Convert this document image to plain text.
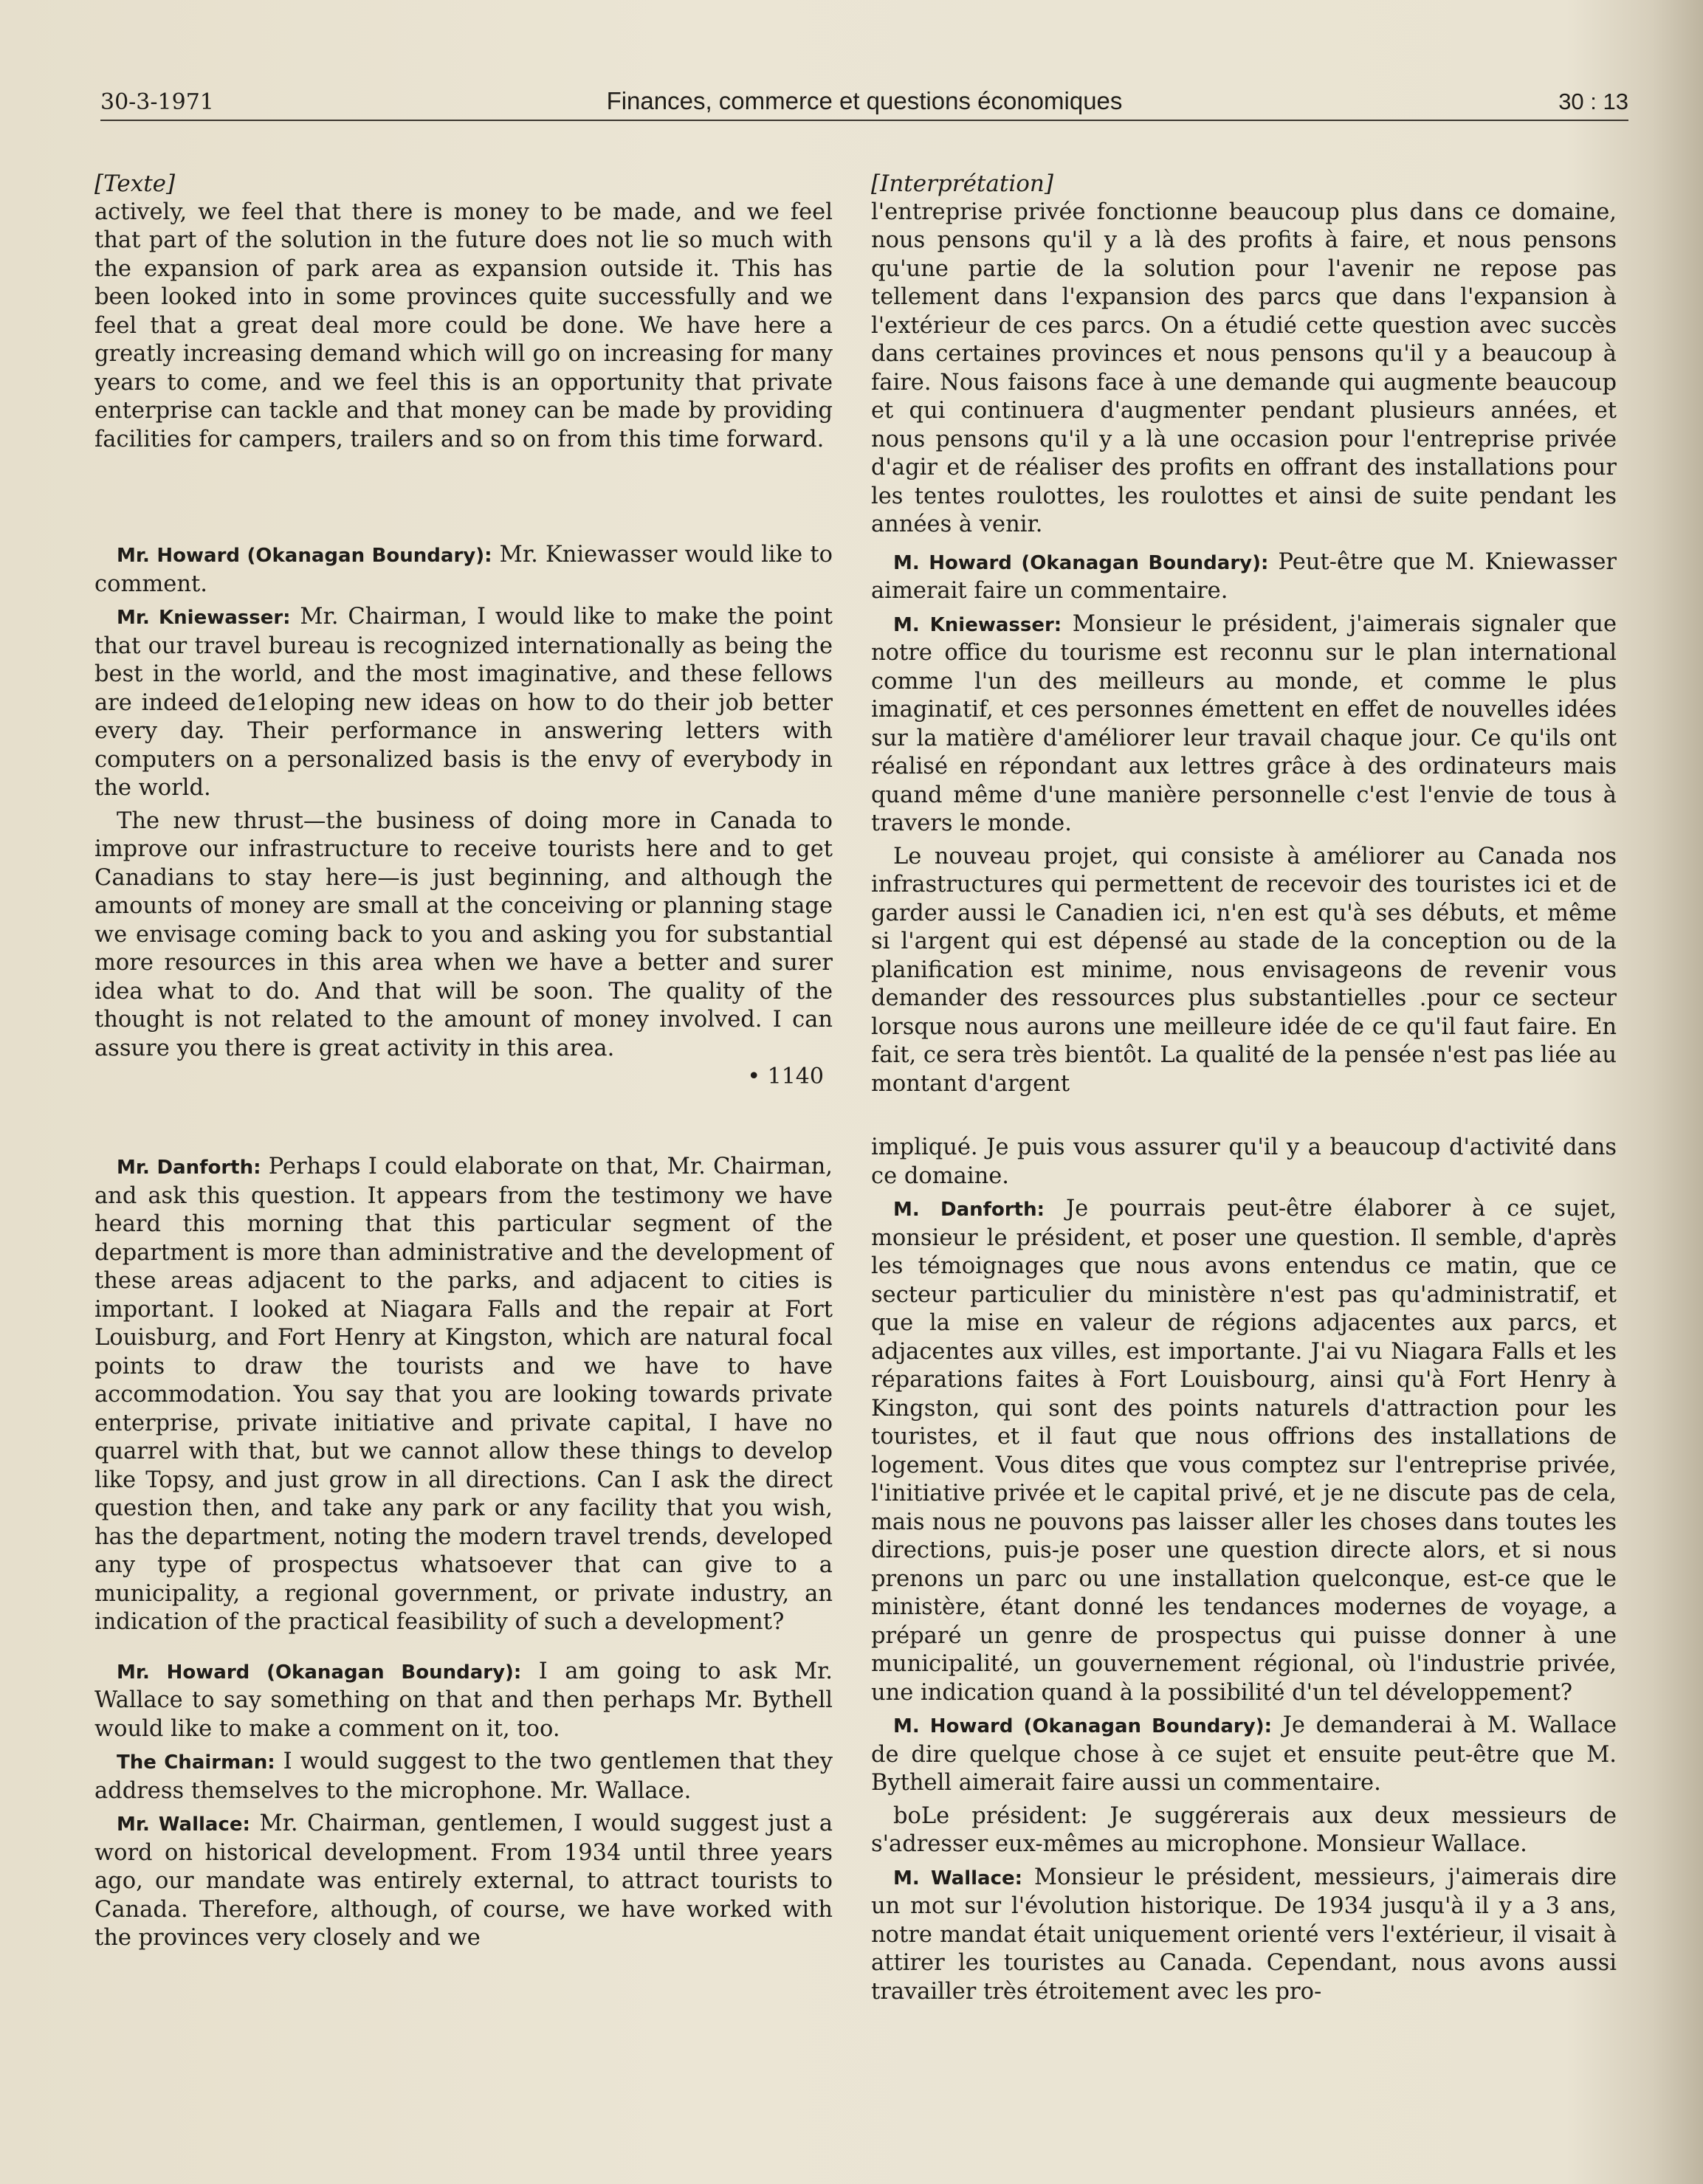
30-3-1971	Finances, commerce et questions économiques	30 : 13
[Texte]

actively, we feel that there is money to be made, and we feel that part of the solution in the future does not lie so much with the expansion of park area as expansion outside it. This has been looked into in some provinces quite successfully and we feel that a great deal more could be done. We have here a greatly increasing demand which will go on increasing for many years to come, and we feel this is an opportunity that private enterprise can tackle and that money can be made by providing facilities for campers, trailers and so on from this time forward.

Mr. Howard (Okanagan Boundary): Mr. Kniewasser would like to comment.

Mr. Kniewasser: Mr. Chairman, I would like to make the point that our travel bureau is recognized internationally as being the best in the world, and the most imaginative, and these fellows are indeed de1eloping new ideas on how to do their job better every day. Their performance in answering letters with computers on a personalized basis is the envy of everybody in the world.

The new thrust—the business of doing more in Canada to improve our infrastructure to receive tourists here and to get Canadians to stay here—is just beginning, and although the amounts of money are small at the conceiving or planning stage we envisage coming back to you and asking you for substantial more resources in this area when we have a better and surer idea what to do. And that will be soon. The quality of the thought is not related to the amount of money involved. I can assure you there is great activity in this area.

• 1140

Mr. Danforth: Perhaps I could elaborate on that, Mr. Chairman, and ask this question. It appears from the testimony we have heard this morning that this particular segment of the department is more than administrative and the development of these areas adjacent to the parks, and adjacent to cities is important. I looked at Niagara Falls and the repair at Fort Louisburg, and Fort Henry at Kingston, which are natural focal points to draw the tourists and we have to have accommodation. You say that you are looking towards private enterprise, private initiative and private capital, I have no quarrel with that, but we cannot allow these things to develop like Topsy, and just grow in all directions. Can I ask the direct question then, and take any park or any facility that you wish, has the department, noting the modern travel trends, developed any type of prospectus whatsoever that can give to a municipality, a regional government, or private industry, an indication of the practical feasibility of such a development?

Mr. Howard (Okanagan Boundary): I am going to ask Mr. Wallace to say something on that and then perhaps Mr. Bythell would like to make a comment on it, too.

The Chairman: I would suggest to the two gentlemen that they address themselves to the microphone. Mr. Wallace.

Mr. Wallace: Mr. Chairman, gentlemen, I would suggest just a word on historical development. From 1934 until three years ago, our mandate was entirely external, to attract tourists to Canada. Therefore, although, of course, we have worked with the provinces very closely and we

[Interprétation]

l'entreprise privée fonctionne beaucoup plus dans ce domaine, nous pensons qu'il y a là des profits à faire, et nous pensons qu'une partie de la solution pour l'avenir ne repose pas tellement dans l'expansion des parcs que dans l'expansion à l'extérieur de ces parcs. On a étudié cette question avec succès dans certaines provinces et nous pensons qu'il y a beaucoup à faire. Nous faisons face à une demande qui augmente beaucoup et qui continuera d'augmenter pendant plusieurs années, et nous pensons qu'il y a là une occasion pour l'entreprise privée d'agir et de réaliser des profits en offrant des installations pour les tentes roulottes, les roulottes et ainsi de suite pendant les années à venir.

M. Howard (Okanagan Boundary): Peut-être que M. Kniewasser aimerait faire un commentaire.

M. Kniewasser: Monsieur le président, j'aimerais signaler que notre office du tourisme est reconnu sur le plan international comme l'un des meilleurs au monde, et comme le plus imaginatif, et ces personnes émettent en effet de nouvelles idées sur la matière d'améliorer leur travail chaque jour. Ce qu'ils ont réalisé en répondant aux lettres grâce à des ordinateurs mais quand même d'une manière personnelle c'est l'envie de tous à travers le monde.

Le nouveau projet, qui consiste à améliorer au Canada nos infrastructures qui permettent de recevoir des touristes ici et de garder aussi le Canadien ici, n'en est qu'à ses débuts, et même si l'argent qui est dépensé au stade de la conception ou de la planification est minime, nous envisageons de revenir vous demander des ressources plus substantielles .pour ce secteur lorsque nous aurons une meilleure idée de ce qu'il faut faire. En fait, ce sera très bientôt. La qualité de la pensée n'est pas liée au montant d'argent

impliqué. Je puis vous assurer qu'il y a beaucoup d'activité dans ce domaine.

M. Danforth: Je pourrais peut-être élaborer à ce sujet, monsieur le président, et poser une question. Il semble, d'après les témoignages que nous avons entendus ce matin, que ce secteur particulier du ministère n'est pas qu'administratif, et que la mise en valeur de régions adjacentes aux parcs, et adjacentes aux villes, est importante. J'ai vu Niagara Falls et les réparations faites à Fort Louisbourg, ainsi qu'à Fort Henry à Kingston, qui sont des points naturels d'attraction pour les touristes, et il faut que nous offrions des installations de logement. Vous dites que vous comptez sur l'entreprise privée, l'initiative privée et le capital privé, et je ne discute pas de cela, mais nous ne pouvons pas laisser aller les choses dans toutes les directions, puis-je poser une question directe alors, et si nous prenons un parc ou une installation quelconque, est-ce que le ministère, étant donné les tendances modernes de voyage, a préparé un genre de prospectus qui puisse donner à une municipalité, un gouvernement régional, où l'industrie privée, une indication quand à la possibilité d'un tel développement?

M. Howard (Okanagan Boundary): Je demanderai à M. Wallace de dire quelque chose à ce sujet et ensuite peut-être que M. Bythell aimerait faire aussi un commentaire.

boLe président: Je suggérerais aux deux messieurs de s'adresser eux-mêmes au microphone. Monsieur Wallace.

M. Wallace: Monsieur le président, messieurs, j'aimerais dire un mot sur l'évolution historique. De 1934 jusqu'à il y a 3 ans, notre mandat était uniquement orienté vers l'extérieur, il visait à attirer les touristes au Canada. Cependant, nous avons aussi travailler très étroitement avec les pro-
